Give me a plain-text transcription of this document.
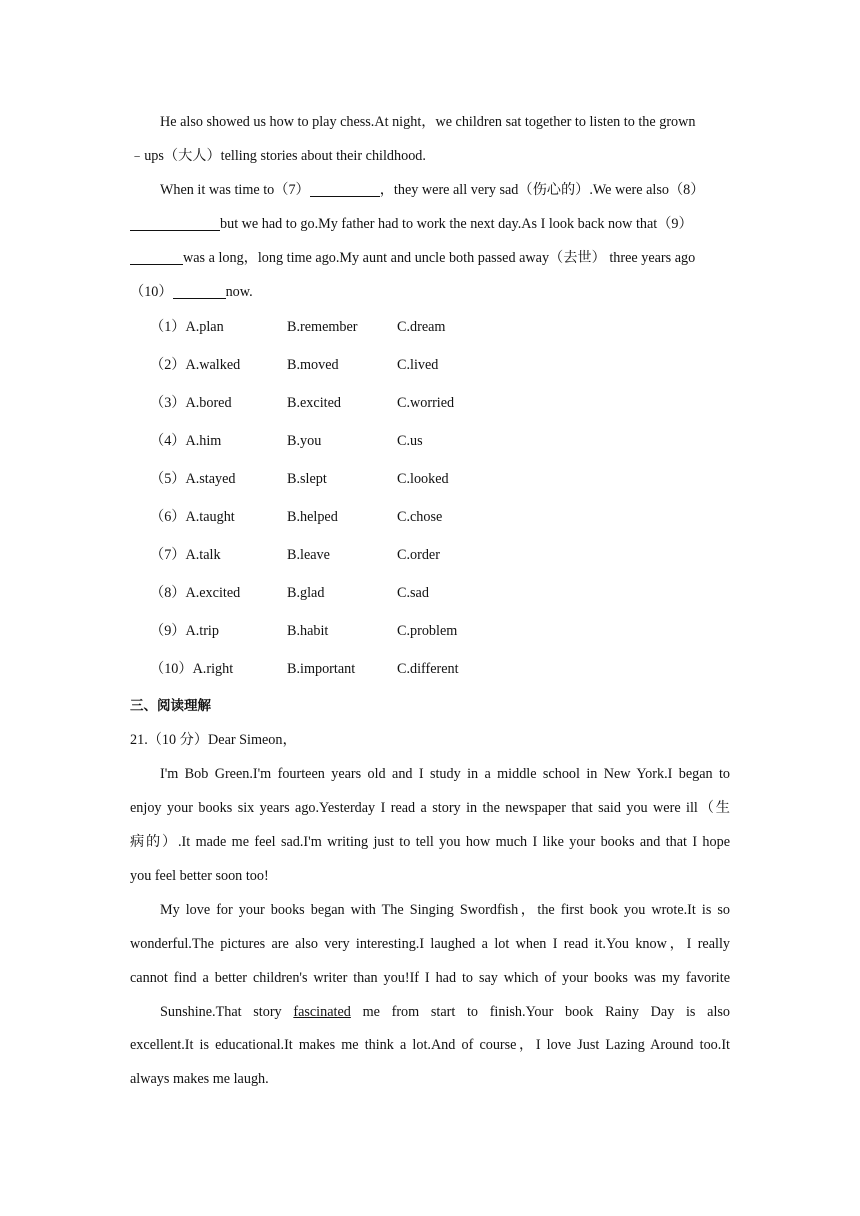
He also showed us how to play chess.At night，we children sat together to listen to the grown
﹣ups（大人）telling stories about their childhood.
When it was time to（7）	，they were all very sad（伤心的）.We were also（8）
but we had to go.My father had to work the next day.As I look back now that（9）
was a long，long time ago.My aunt and uncle both passed away（去世） three years ago
（10）	now.
（1）A.plan	B.remember	C.dream
（2）A.walked	B.moved	C.lived
（3）A.bored	B.excited	C.worried
（4）A.him	B.you	C.us
（5）A.stayed	B.slept	C.looked
（6）A.taught	B.helped	C.chose
（7）A.talk	B.leave	C.order
（8）A.excited	B.glad	C.sad
（9）A.trip	B.habit	C.problem
（10）A.right	B.important	C.different
三、阅读理解
21.（10 分）Dear Simeon，
I'm Bob Green.I'm fourteen years old and I study in a middle school in New York.I began to
enjoy your books six years ago.Yesterday I read a story in the newspaper that said you were ill（生
病的）.It made me feel sad.I'm writing just to tell you how much I like your books and that I hope
you feel better soon too!
My love for your books began with The Singing Swordfish，the first book you wrote.It is so
wonderful.The pictures are also very interesting.I laughed a lot when I read it.You know，I really
cannot find a better children's writer than you!If I had to say which of your books was my favorite
Sunshine.That story fascinated me from start to finish.Your book Rainy Day is also
excellent.It is educational.It makes me think a lot.And of course，I love Just Lazing Around too.It
always makes me laugh.
